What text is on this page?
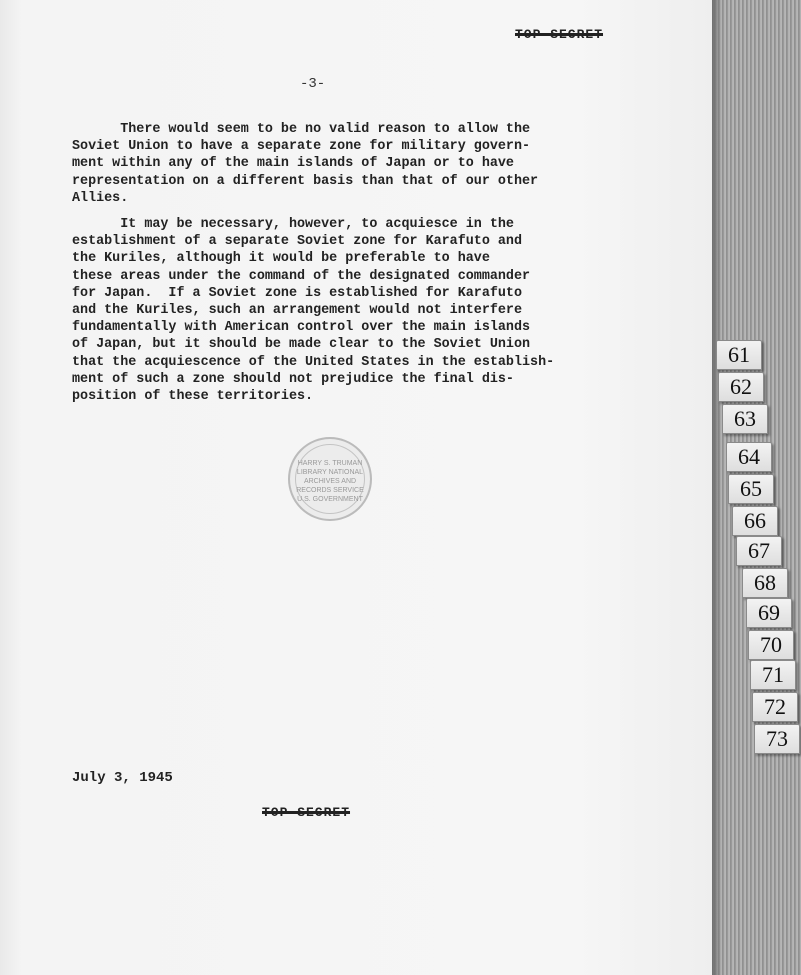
TOP SECRET
-3-

There would seem to be no valid reason to allow the
Soviet Union to have a separate zone for military govern-
ment within any of the main islands of Japan or to have
representation on a different basis than that of our other
Allies.

It may be necessary, however, to acquiesce in the
establishment of a separate Soviet zone for Karafuto and
the Kuriles, although it would be preferable to have
these areas under the command of the designated commander
for Japan.  If a Soviet zone is established for Karafuto
and the Kuriles, such an arrangement would not interfere
fundamentally with American control over the main islands
of Japan, but it should be made clear to the Soviet Union
that the acquiescence of the United States in the establish-
ment of such a zone should not prejudice the final dis-
position of these territories.

HARRY S. TRUMAN LIBRARY NATIONAL ARCHIVES AND RECORDS SERVICE U.S. GOVERNMENT
July 3, 1945
TOP SECRET
61
62
63
64
65
66
67
68
69
70
71
72
73
